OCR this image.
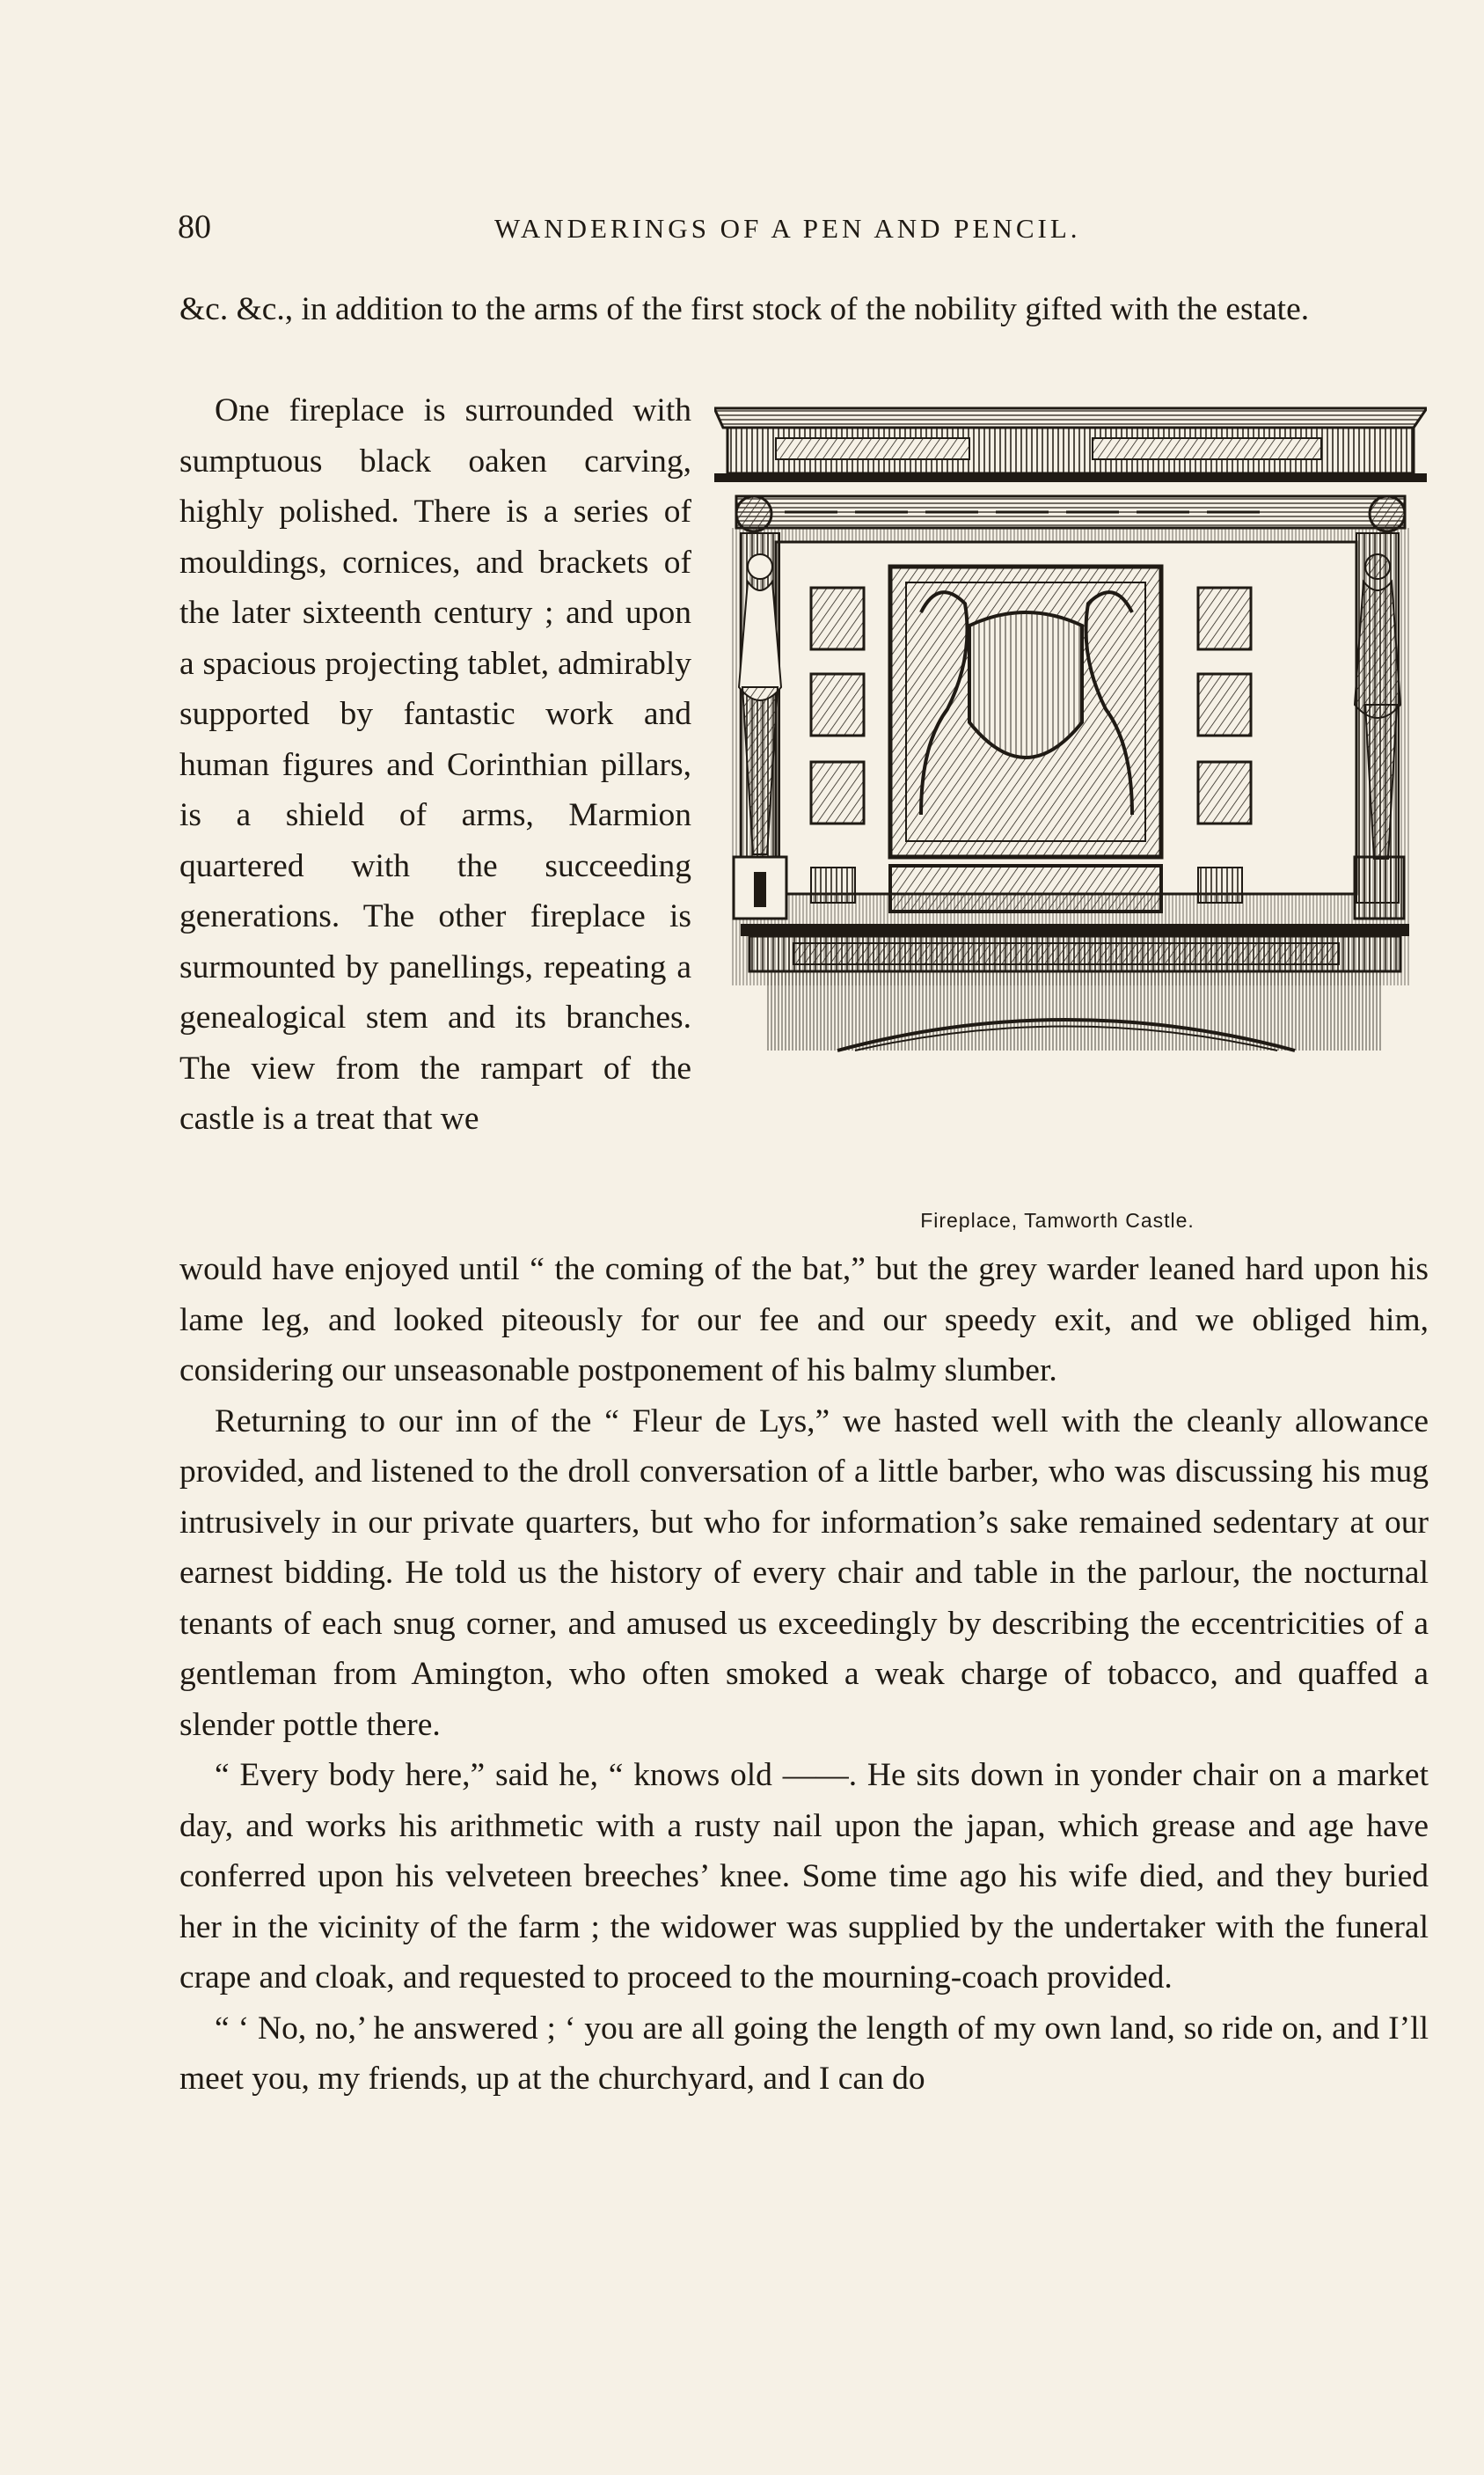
80	WANDERINGS OF A PEN AND PENCIL.

&c. &c., in addition to the arms of the first stock of the nobility gifted with the estate.

One fireplace is surrounded with sumptuous black oaken carving, highly polished. There is a series of mouldings, cornices, and brackets of the later sixteenth century ; and upon a spacious projecting tablet, admirably supported by fantastic work and human figures and Corinthian pillars, is a shield of arms, Marmion quartered with the succeeding generations. The other fireplace is surmounted by panellings, repeating a genealogical stem and its branches. The view from the rampart of the castle is a treat that we

Fireplace, Tamworth Castle.

would have enjoyed until “ the coming of the bat,” but the grey warder leaned hard upon his lame leg, and looked piteously for our fee and our speedy exit, and we obliged him, considering our unseasonable postponement of his balmy slumber.

Returning to our inn of the “ Fleur de Lys,” we hasted well with the cleanly allowance provided, and listened to the droll conversation of a little barber, who was discussing his mug intrusively in our private quarters, but who for information’s sake remained sedentary at our earnest bidding. He told us the history of every chair and table in the parlour, the nocturnal tenants of each snug corner, and amused us exceedingly by describing the eccentricities of a gentleman from Amington, who often smoked a weak charge of tobacco, and quaffed a slender pottle there.

“ Every body here,” said he, “ knows old ——. He sits down in yonder chair on a market day, and works his arithmetic with a rusty nail upon the japan, which grease and age have conferred upon his velveteen breeches’ knee. Some time ago his wife died, and they buried her in the vicinity of the farm ; the widower was supplied by the undertaker with the funeral crape and cloak, and requested to proceed to the mourning-coach provided.

“ ‘ No, no,’ he answered ; ‘ you are all going the length of my own land, so ride on, and I’ll meet you, my friends, up at the churchyard, and I can do
